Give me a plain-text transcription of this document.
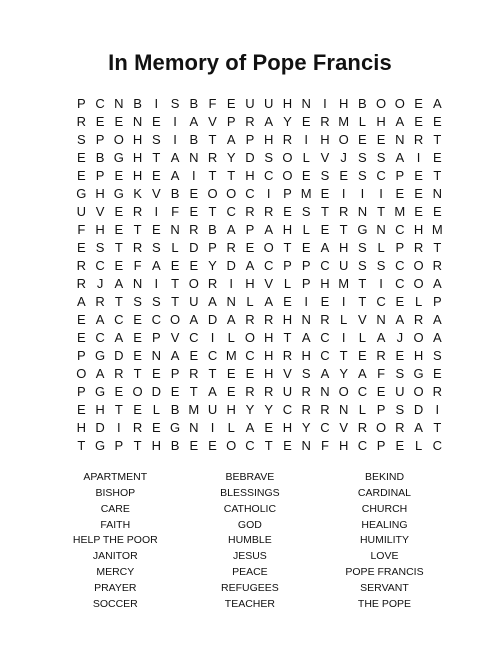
In Memory of Pope Francis
P C N B I S B F E U U H N I H B O O E A
R E E N E I A V P R A Y E R M L H A E E
S P O H S I B T A P H R I H O E E N R T
E B G H T A N R Y D S O L V J S S A I E
E P E H E A I T T H C O E S E S C P E T
G H G K V B E O O C I P M E I	I	I E E N
U V E R I F E T C R R E S T R N T M E E
F H E T E N R B A P A H L E T G N C H M
E S T R S L D P R E O T E A H S L P R T
R C E F A E E Y D A C P P C U S S C O R
R J A N I T O R I H V L P H M T I C O A
A R T S S T U A N L A E I E I T C E L P
E A C E C O A D A R R H N R L V N A R A
E C A E P V C I	L O H T A C I	L A J O A
P G D E N A E C M C H R H C T E R E H S
O A R T E P R T E E H V S A Y A F S G E
P G E O D E T A E R R U R N O C E U O R
E H T E L B M U H Y Y C R R N L P S D I
H D I R E G N I	L A E H Y C V R O R A T
T G P T H B E E O C T E N F H C P E L C
APARTMENT	BEBRAVE	BEKIND
BISHOP	BLESSINGS	CARDINAL
CARE	CATHOLIC	CHURCH
FAITH	GOD	HEALING
HELP THE POOR	HUMBLE	HUMILITY
JANITOR	JESUS	LOVE
MERCY	PEACE	POPE FRANCIS
PRAYER	REFUGEES	SERVANT
SOCCER	TEACHER	THE POPE
